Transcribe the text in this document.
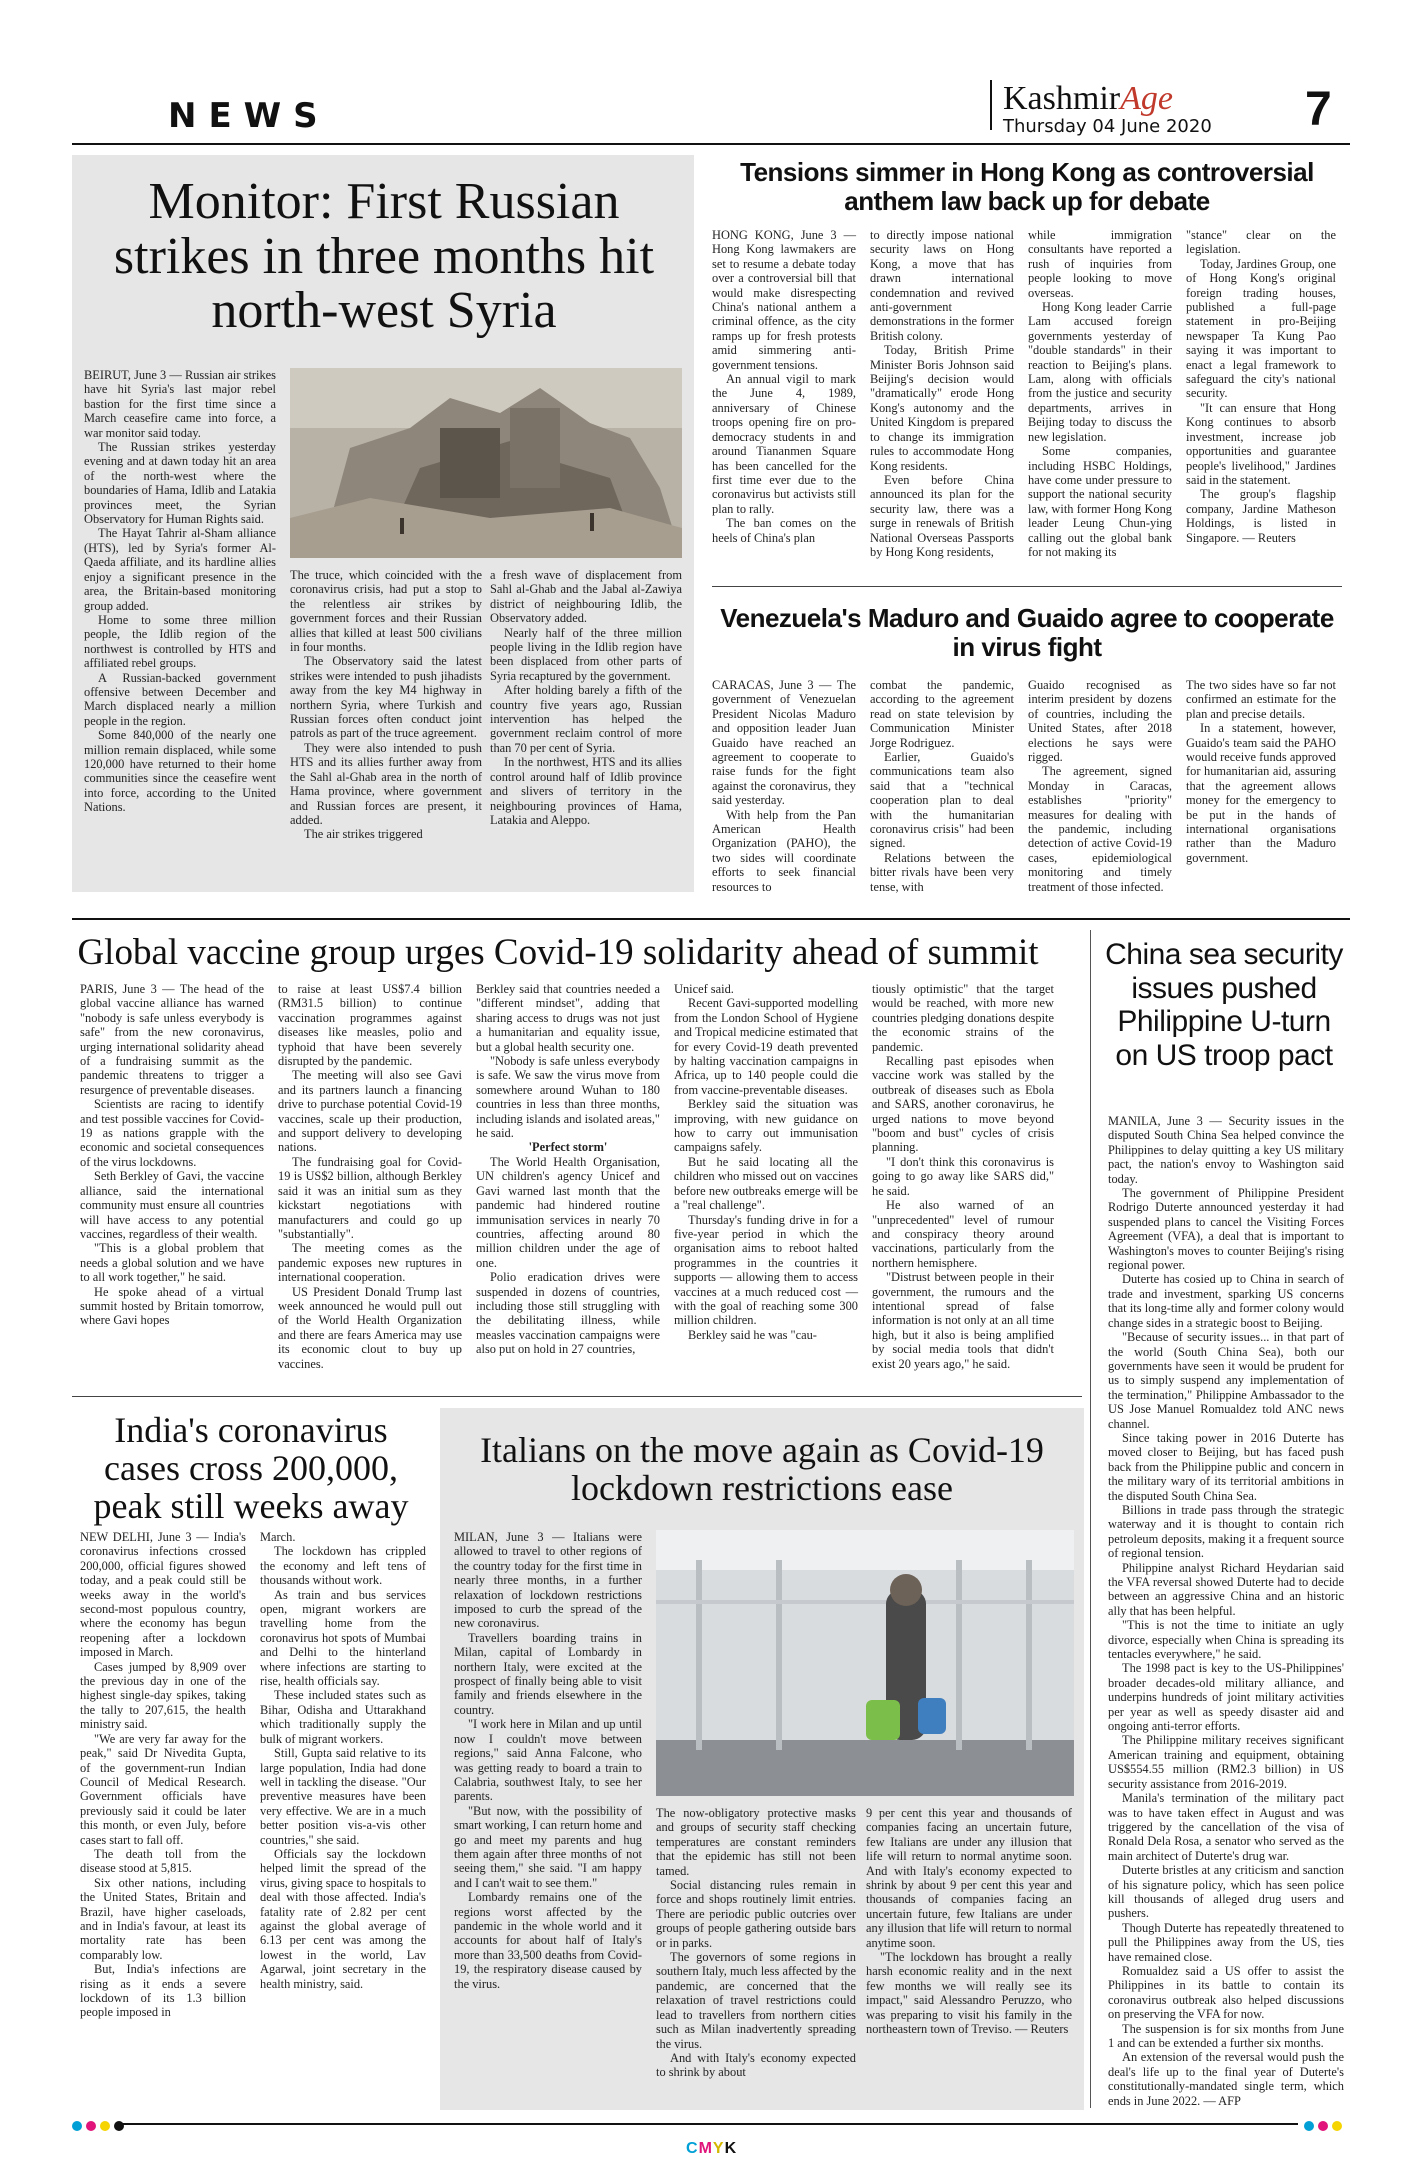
NEWS	KashmirAge
Thursday 04 June 2020 7
Monitor: First Russian strikes in three months hit north-west Syria

BEIRUT, June 3 — Russian air strikes have hit Syria's last major rebel bastion for the first time since a March ceasefire came into force, a war monitor said today.

The Russian strikes yesterday evening and at dawn today hit an area of the north-west where the boundaries of Hama, Idlib and Latakia provinces meet, the Syrian Observatory for Human Rights said.

The Hayat Tahrir al-Sham alliance (HTS), led by Syria's former Al-Qaeda affiliate, and its hardline allies enjoy a significant presence in the area, the Britain-based monitoring group added.

Home to some three million people, the Idlib region of the northwest is controlled by HTS and affiliated rebel groups.

A Russian-backed government offensive between December and March displaced nearly a million people in the region.

Some 840,000 of the nearly one million remain displaced, while some 120,000 have returned to their home communities since the ceasefire went into force, according to the United Nations.

The truce, which coincided with the coronavirus crisis, had put a stop to the relentless air strikes by government forces and their Russian allies that killed at least 500 civilians in four months.

The Observatory said the latest strikes were intended to push jihadists away from the key M4 highway in northern Syria, where Turkish and Russian forces often conduct joint patrols as part of the truce agreement.

They were also intended to push HTS and its allies further away from the Sahl al-Ghab area in the north of Hama province, where government and Russian forces are present, it added.

The air strikes triggered

a fresh wave of displacement from Sahl al-Ghab and the Jabal al-Zawiya district of neighbouring Idlib, the Observatory added.

Nearly half of the three million people living in the Idlib region have been displaced from other parts of Syria recaptured by the government.

After holding barely a fifth of the country five years ago, Russian intervention has helped the government reclaim control of more than 70 per cent of Syria.

In the northwest, HTS and its allies control around half of Idlib province and slivers of territory in the neighbouring provinces of Hama, Latakia and Aleppo.

Tensions simmer in Hong Kong as controversial anthem law back up for debate

HONG KONG, June 3 — Hong Kong lawmakers are set to resume a debate today over a controversial bill that would make disrespecting China's national anthem a criminal offence, as the city ramps up for fresh protests amid simmering anti-government tensions.

An annual vigil to mark the June 4, 1989, anniversary of Chinese troops opening fire on pro-democracy students in and around Tiananmen Square has been cancelled for the first time ever due to the coronavirus but activists still plan to rally.

The ban comes on the heels of China's plan

to directly impose national security laws on Hong Kong, a move that has drawn international condemnation and revived anti-government demonstrations in the former British colony.

Today, British Prime Minister Boris Johnson said Beijing's decision would "dramatically" erode Hong Kong's autonomy and the United Kingdom is prepared to change its immigration rules to accommodate Hong Kong residents.

Even before China announced its plan for the security law, there was a surge in renewals of British National Overseas Passports by Hong Kong residents,

while immigration consultants have reported a rush of inquiries from people looking to move overseas.

Hong Kong leader Carrie Lam accused foreign governments yesterday of "double standards" in their reaction to Beijing's plans. Lam, along with officials from the justice and security departments, arrives in Beijing today to discuss the new legislation.

Some companies, including HSBC Holdings, have come under pressure to support the national security law, with former Hong Kong leader Leung Chun-ying calling out the global bank for not making its

"stance" clear on the legislation.

Today, Jardines Group, one of Hong Kong's original foreign trading houses, published a full-page statement in pro-Beijing newspaper Ta Kung Pao saying it was important to enact a legal framework to safeguard the city's national security.

"It can ensure that Hong Kong continues to absorb investment, increase job opportunities and guarantee people's livelihood," Jardines said in the statement.

The group's flagship company, Jardine Matheson Holdings, is listed in Singapore. — Reuters

Venezuela's Maduro and Guaido agree to cooperate in virus fight

CARACAS, June 3 — The government of Venezuelan President Nicolas Maduro and opposition leader Juan Guaido have reached an agreement to cooperate to raise funds for the fight against the coronavirus, they said yesterday.

With help from the Pan American Health Organization (PAHO), the two sides will coordinate efforts to seek financial resources to

combat the pandemic, according to the agreement read on state television by Communication Minister Jorge Rodriguez.

Earlier, Guaido's communications team also said that a "technical cooperation plan to deal with the humanitarian coronavirus crisis" had been signed.

Relations between the bitter rivals have been very tense, with

Guaido recognised as interim president by dozens of countries, including the United States, after 2018 elections he says were rigged.

The agreement, signed Monday in Caracas, establishes "priority" measures for dealing with the pandemic, including detection of active Covid-19 cases, epidemiological monitoring and timely treatment of those infected.

The two sides have so far not confirmed an estimate for the plan and precise details.

In a statement, however, Guaido's team said the PAHO would receive funds approved for humanitarian aid, assuring that the agreement allows money for the emergency to be put in the hands of international organisations rather than the Maduro government.

Global vaccine group urges Covid-19 solidarity ahead of summit

PARIS, June 3 — The head of the global vaccine alliance has warned "nobody is safe unless everybody is safe" from the new coronavirus, urging international solidarity ahead of a fundraising summit as the pandemic threatens to trigger a resurgence of preventable diseases.

Scientists are racing to identify and test possible vaccines for Covid-19 as nations grapple with the economic and societal consequences of the virus lockdowns.

Seth Berkley of Gavi, the vaccine alliance, said the international community must ensure all countries will have access to any potential vaccines, regardless of their wealth.

"This is a global problem that needs a global solution and we have to all work together," he said.

He spoke ahead of a virtual summit hosted by Britain tomorrow, where Gavi hopes

to raise at least US$7.4 billion (RM31.5 billion) to continue vaccination programmes against diseases like measles, polio and typhoid that have been severely disrupted by the pandemic.

The meeting will also see Gavi and its partners launch a financing drive to purchase potential Covid-19 vaccines, scale up their production, and support delivery to developing nations.

The fundraising goal for Covid-19 is US$2 billion, although Berkley said it was an initial sum as they kickstart negotiations with manufacturers and could go up "substantially".

The meeting comes as the pandemic exposes new ruptures in international cooperation.

US President Donald Trump last week announced he would pull out of the World Health Organization and there are fears America may use its economic clout to buy up vaccines.

Berkley said that countries needed a "different mindset", adding that sharing access to drugs was not just a humanitarian and equality issue, but a global health security one.

"Nobody is safe unless everybody is safe. We saw the virus move from somewhere around Wuhan to 180 countries in less than three months, including islands and isolated areas," he said.

'Perfect storm'

The World Health Organisation, UN children's agency Unicef and Gavi warned last month that the pandemic had hindered routine immunisation services in nearly 70 countries, affecting around 80 million children under the age of one.

Polio eradication drives were suspended in dozens of countries, including those still struggling with the debilitating illness, while measles vaccination campaigns were also put on hold in 27 countries,

Unicef said.

Recent Gavi-supported modelling from the London School of Hygiene and Tropical medicine estimated that for every Covid-19 death prevented by halting vaccination campaigns in Africa, up to 140 people could die from vaccine-preventable diseases.

Berkley said the situation was improving, with new guidance on how to carry out immunisation campaigns safely.

But he said locating all the children who missed out on vaccines before new outbreaks emerge will be a "real challenge".

Thursday's funding drive in for a five-year period in which the organisation aims to reboot halted programmes in the countries it supports — allowing them to access vaccines at a much reduced cost — with the goal of reaching some 300 million children.

Berkley said he was "cau-

tiously optimistic" that the target would be reached, with more new countries pledging donations despite the economic strains of the pandemic.

Recalling past episodes when vaccine work was stalled by the outbreak of diseases such as Ebola and SARS, another coronavirus, he urged nations to move beyond "boom and bust" cycles of crisis planning.

"I don't think this coronavirus is going to go away like SARS did," he said.

He also warned of an "unprecedented" level of rumour and conspiracy theory around vaccinations, particularly from the northern hemisphere.

"Distrust between people in their government, the rumours and the intentional spread of false information is not only at an all time high, but it also is being amplified by social media tools that didn't exist 20 years ago," he said.

China sea security issues pushed Philippine U-turn on US troop pact

MANILA, June 3 — Security issues in the disputed South China Sea helped convince the Philippines to delay quitting a key US military pact, the nation's envoy to Washington said today.

The government of Philippine President Rodrigo Duterte announced yesterday it had suspended plans to cancel the Visiting Forces Agreement (VFA), a deal that is important to Washington's moves to counter Beijing's rising regional power.

Duterte has cosied up to China in search of trade and investment, sparking US concerns that its long-time ally and former colony would change sides in a strategic boost to Beijing.

"Because of security issues... in that part of the world (South China Sea), both our governments have seen it would be prudent for us to simply suspend any implementation of the termination," Philippine Ambassador to the US Jose Manuel Romualdez told ANC news channel.

Since taking power in 2016 Duterte has moved closer to Beijing, but has faced push back from the Philippine public and concern in the military wary of its territorial ambitions in the disputed South China Sea.

Billions in trade pass through the strategic waterway and it is thought to contain rich petroleum deposits, making it a frequent source of regional tension.

Philippine analyst Richard Heydarian said the VFA reversal showed Duterte had to decide between an aggressive China and an historic ally that has been helpful.

"This is not the time to initiate an ugly divorce, especially when China is spreading its tentacles everywhere," he said.

The 1998 pact is key to the US-Philippines' broader decades-old military alliance, and underpins hundreds of joint military activities per year as well as speedy disaster aid and ongoing anti-terror efforts.

The Philippine military receives significant American training and equipment, obtaining US$554.55 million (RM2.3 billion) in US security assistance from 2016-2019.

Manila's termination of the military pact was to have taken effect in August and was triggered by the cancellation of the visa of Ronald Dela Rosa, a senator who served as the main architect of Duterte's drug war.

Duterte bristles at any criticism and sanction of his signature policy, which has seen police kill thousands of alleged drug users and pushers.

Though Duterte has repeatedly threatened to pull the Philippines away from the US, ties have remained close.

Romualdez said a US offer to assist the Philippines in its battle to contain its coronavirus outbreak also helped discussions on preserving the VFA for now.

The suspension is for six months from June 1 and can be extended a further six months.

An extension of the reversal would push the deal's life up to the final year of Duterte's constitutionally-mandated single term, which ends in June 2022. — AFP

India's coronavirus cases cross 200,000, peak still weeks away

NEW DELHI, June 3 — India's coronavirus infections crossed 200,000, official figures showed today, and a peak could still be weeks away in the world's second-most populous country, where the economy has begun reopening after a lockdown imposed in March.

Cases jumped by 8,909 over the previous day in one of the highest single-day spikes, taking the tally to 207,615, the health ministry said.

"We are very far away for the peak," said Dr Nivedita Gupta, of the government-run Indian Council of Medical Research. Government officials have previously said it could be later this month, or even July, before cases start to fall off.

The death toll from the disease stood at 5,815.

Six other nations, including the United States, Britain and Brazil, have higher caseloads, and in India's favour, at least its mortality rate has been comparably low.

But, India's infections are rising as it ends a severe lockdown of its 1.3 billion people imposed in

March.

The lockdown has crippled the economy and left tens of thousands without work.

As train and bus services open, migrant workers are travelling home from the coronavirus hot spots of Mumbai and Delhi to the hinterland where infections are starting to rise, health officials say.

These included states such as Bihar, Odisha and Uttarakhand which traditionally supply the bulk of migrant workers.

Still, Gupta said relative to its large population, India had done well in tackling the disease. "Our preventive measures have been very effective. We are in a much better position vis-a-vis other countries," she said.

Officials say the lockdown helped limit the spread of the virus, giving space to hospitals to deal with those affected. India's fatality rate of 2.82 per cent against the global average of 6.13 per cent was among the lowest in the world, Lav Agarwal, joint secretary in the health ministry, said.

Italians on the move again as Covid-19 lockdown restrictions ease

MILAN, June 3 — Italians were allowed to travel to other regions of the country today for the first time in nearly three months, in a further relaxation of lockdown restrictions imposed to curb the spread of the new coronavirus.

Travellers boarding trains in Milan, capital of Lombardy in northern Italy, were excited at the prospect of finally being able to visit family and friends elsewhere in the country.

"I work here in Milan and up until now I couldn't move between regions," said Anna Falcone, who was getting ready to board a train to Calabria, southwest Italy, to see her parents.

"But now, with the possibility of smart working, I can return home and go and meet my parents and hug them again after three months of not seeing them," she said. "I am happy and I can't wait to see them."

Lombardy remains one of the regions worst affected by the pandemic in the whole world and it accounts for about half of Italy's more than 33,500 deaths from Covid-19, the respiratory disease caused by the virus.

The now-obligatory protective masks and groups of security staff checking temperatures are constant reminders that the epidemic has still not been tamed.

Social distancing rules remain in force and shops routinely limit entries. There are periodic public outcries over groups of people gathering outside bars or in parks.

The governors of some regions in southern Italy, much less affected by the pandemic, are concerned that the relaxation of travel restrictions could lead to travellers from northern cities such as Milan inadvertently spreading the virus.

And with Italy's economy expected to shrink by about

9 per cent this year and thousands of companies facing an uncertain future, few Italians are under any illusion that life will return to normal anytime soon. And with Italy's economy expected to shrink by about 9 per cent this year and thousands of companies facing an uncertain future, few Italians are under any illusion that life will return to normal anytime soon.

"The lockdown has brought a really harsh economic reality and in the next few months we will really see its impact," said Alessandro Peruzzo, who was preparing to visit his family in the northeastern town of Treviso. — Reuters

CMYK
